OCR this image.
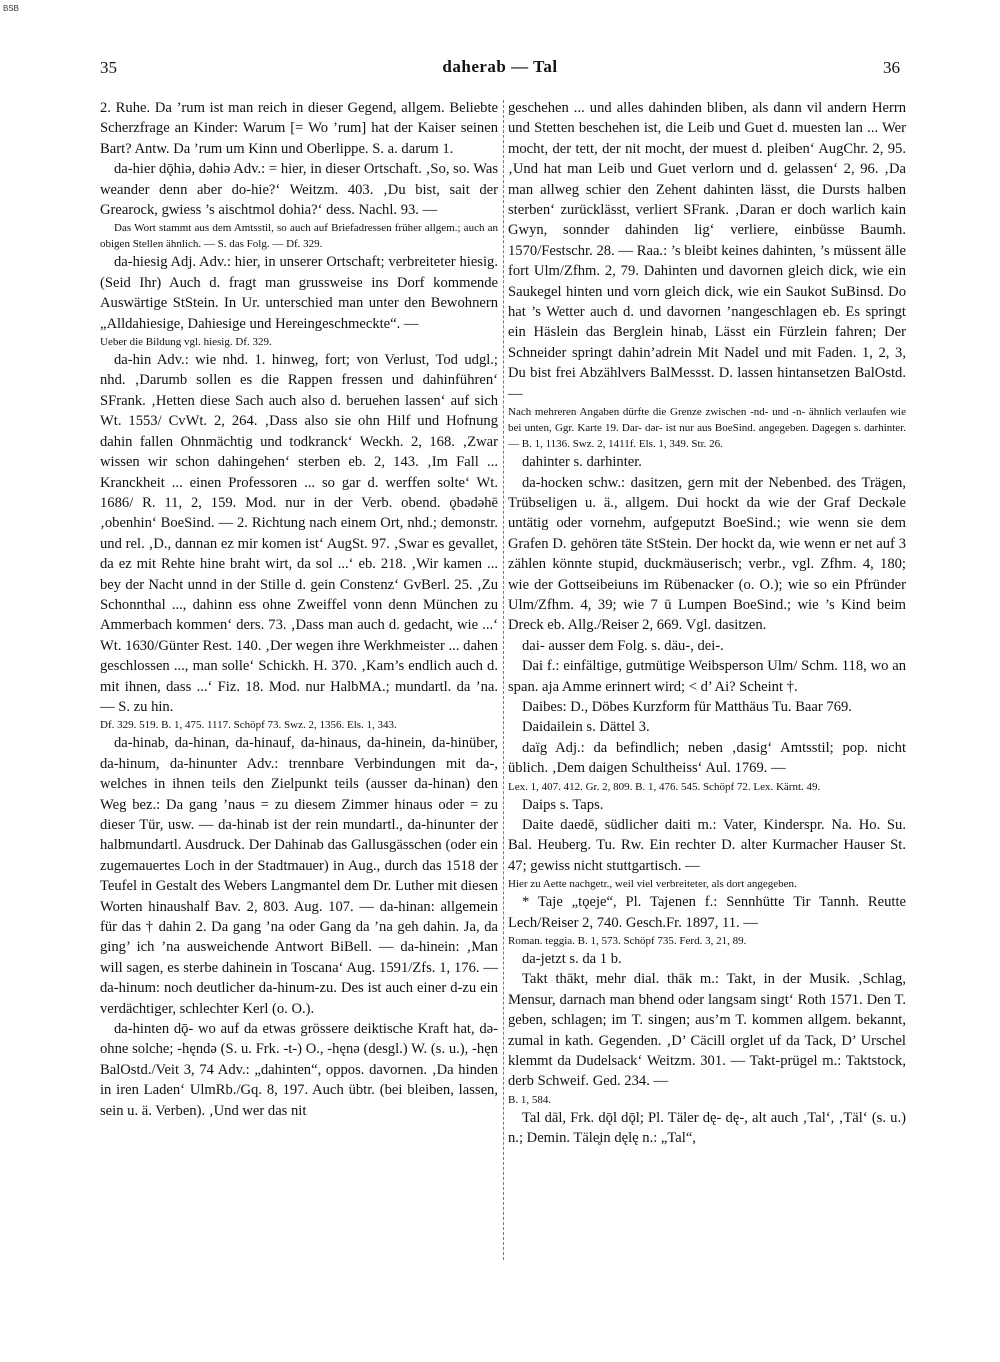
BSB
35	daherab — Tal	36

2. Ruhe. Da ’rum ist man reich in dieser Gegend, allgem. Beliebte Scherzfrage an Kinder: Warum [= Wo ’rum] hat der Kaiser seinen Bart? Antw. Da ’rum um Kinn und Oberlippe. S. a. darum 1.

da-hier dǭhiə, dəhiə Adv.: = hier, in dieser Ortschaft. ‚So, so. Was weander denn aber do-hie?‘ Weitzm. 403. ‚Du bist, sait der Grearock, gwiess ’s aischtmol dohia?‘ dess. Nachl. 93. —

Das Wort stammt aus dem Amtsstil, so auch auf Briefadressen früher allgem.; auch an obigen Stellen ähnlich. — S. das Folg. — Df. 329.

da-hiesig Adj. Adv.: hier, in unserer Ortschaft; verbreiteter hiesig. (Seid Ihr) Auch d. fragt man grussweise ins Dorf kommende Auswärtige StStein. In Ur. unterschied man unter den Bewohnern „Alldahiesige, Dahiesige und Hereingeschmeckte“. —

Ueber die Bildung vgl. hiesig. Df. 329.

da-hin Adv.: wie nhd. 1. hinweg, fort; von Verlust, Tod udgl.; nhd. ‚Darumb sollen es die Rappen fressen und dahinführen‘ SFrank. ‚Hetten diese Sach auch also d. beruehen lassen‘ auf sich Wt. 1553/ CvWt. 2, 264. ‚Dass also sie ohn Hilf und Hofnung dahin fallen Ohnmächtig und todkranck‘ Weckh. 2, 168. ‚Zwar wissen wir schon dahingehen‘ sterben eb. 2, 143. ‚Im Fall ... Kranckheit ... einen Professoren ... so gar d. werffen solte‘ Wt. 1686/ R. 11, 2, 159. Mod. nur in der Verb. obend. ǫbədəhē ‚obenhin‘ BoeSind. — 2. Richtung nach einem Ort, nhd.; demonstr. und rel. ‚D., dannan ez mir komen ist‘ AugSt. 97. ‚Swar es gevallet, da ez mit Rehte hine braht wirt, da sol ...‘ eb. 218. ‚Wir kamen ... bey der Nacht unnd in der Stille d. gein Constenz‘ GvBerl. 25. ‚Zu Schonnthal ..., dahinn ess ohne Zweiffel vonn denn München zu Ammerbach kommen‘ ders. 73. ‚Dass man auch d. gedacht, wie ...‘ Wt. 1630/Günter Rest. 140. ‚Der wegen ihre Werkhmeister ... dahen geschlossen ..., man solle‘ Schickh. H. 370. ‚Kam’s endlich auch d. mit ihnen, dass ...‘ Fiz. 18. Mod. nur HalbMA.; mundartl. da ’na. — S. zu hin.

Df. 329. 519. B. 1, 475. 1117. Schöpf 73. Swz. 2, 1356. Els. 1, 343.

da-hinab, da-hinan, da-hinauf, da-hinaus, da-hinein, da-hinüber, da-hinum, da-hinunter Adv.: trennbare Verbindungen mit da-, welches in ihnen teils den Zielpunkt teils (ausser da-hinan) den Weg bez.: Da gang ’naus = zu diesem Zimmer hinaus oder = zu dieser Tür, usw. — da-hinab ist der rein mundartl., da-hinunter der halbmundartl. Ausdruck. Der Dahinab das Gallusgässchen (oder ein zugemauertes Loch in der Stadtmauer) in Aug., durch das 1518 der Teufel in Gestalt des Webers Langmantel dem Dr. Luther mit diesen Worten hinaushalf Bav. 2, 803. Aug. 107. — da-hinan: allgemein für das † dahin 2. Da gang ’na oder Gang da ’na geh dahin. Ja, da ging’ ich ’na ausweichende Antwort BiBell. — da-hinein: ‚Man will sagen, es sterbe dahinein in Toscana‘ Aug. 1591/Zfs. 1, 176. — da-hinum: noch deutlicher da-hinum-zu. Des ist auch einer d-zu ein verdächtiger, schlechter Kerl (o. O.).

da-hinten dǭ- wo auf da etwas grössere deiktische Kraft hat, də- ohne solche; -hęndə (S. u. Frk. -t-) O., -hęnə (desgl.) W. (s. u.), -hęn BalOstd./Veit 3, 74 Adv.: „dahinten“, oppos. davornen. ‚Da hinden in iren Laden‘ UlmRb./Gq. 8, 197. Auch übtr. (bei bleiben, lassen, sein u. ä. Verben). ‚Und wer das nit

geschehen ... und alles dahinden bliben, als dann vil andern Herrn und Stetten beschehen ist, die Leib und Guet d. muesten lan ... Wer mocht, der tett, der nit mocht, der muest d. pleiben‘ AugChr. 2, 95. ‚Und hat man Leib und Guet verlorn und d. gelassen‘ 2, 96. ‚Da man allweg schier den Zehent dahinten lässt, die Dursts halben sterben‘ zurücklässt, verliert SFrank. ‚Daran er doch warlich kain Gwyn, sonnder dahinden lig‘ verliere, einbüsse Baumh. 1570/Festschr. 28. — Raa.: ’s bleibt keines dahinten, ’s müssent älle fort Ulm/Zfhm. 2, 79. Dahinten und davornen gleich dick, wie ein Saukegel hinten und vorn gleich dick, wie ein Saukot SuBinsd. Do hat ’s Wetter auch d. und davornen ’nangeschlagen eb. Es springt ein Häslein das Berglein hinab, Lässt ein Fürzlein fahren; Der Schneider springt dahin’adrein Mit Nadel und mit Faden. 1, 2, 3, Du bist frei Abzählvers BalMessst. D. lassen hintansetzen BalOstd. —

Nach mehreren Angaben dürfte die Grenze zwischen -nd- und -n- ähnlich verlaufen wie bei unten, Ggr. Karte 19. Dar- dər- ist nur aus BoeSind. angegeben. Dagegen s. darhinter. — B. 1, 1136. Swz. 2, 1411f. Els. 1, 349. Str. 26.

dahinter s. darhinter.

da-hocken schw.: dasitzen, gern mit der Nebenbed. des Trägen, Trübseligen u. ä., allgem. Dui hockt da wie der Graf Deckəle untätig oder vornehm, aufgeputzt BoeSind.; wie wenn sie dem Grafen D. gehören täte StStein. Der hockt da, wie wenn er net auf 3 zählen könnte stupid, duckmäuserisch; verbr., vgl. Zfhm. 4, 180; wie der Gottseibeiuns im Rübenacker (o. O.); wie so ein Pfründer Ulm/Zfhm. 4, 39; wie 7 ū Lumpen BoeSind.; wie ’s Kind beim Dreck eb. Allg./Reiser 2, 669. Vgl. dasitzen.

dai- ausser dem Folg. s. däu-, dei-.

Dai f.: einfältige, gutmütige Weibsperson Ulm/ Schm. 118, wo an span. aja Amme erinnert wird; < d’ Ai? Scheint †.

Daibes: D., Döbes Kurzform für Matthäus Tu. Baar 769.

Daidailein s. Dättel 3.

daïg Adj.: da befindlich; neben ‚dasig‘ Amtsstil; pop. nicht üblich. ‚Dem daigen Schultheiss‘ Aul. 1769. —

Lex. 1, 407. 412. Gr. 2, 809. B. 1, 476. 545. Schöpf 72. Lex. Kärnt. 49.

Daips s. Taps.

Daite daedē, südlicher daiti m.: Vater, Kinderspr. Na. Ho. Su. Bal. Heuberg. Tu. Rw. Ein rechter D. alter Kurmacher Hauser St. 47; gewiss nicht stuttgartisch. —

Hier zu Aette nachgetr., weil viel verbreiteter, als dort angegeben.

* Taje „tǫeje“, Pl. Tajenen f.: Sennhütte Tir Tannh. Reutte Lech/Reiser 2, 740. Gesch.Fr. 1897, 11. —

Roman. teggia. B. 1, 573. Schöpf 735. Ferd. 3, 21, 89.

da-jetzt s. da 1 b.

Takt thākt, mehr dial. thāk m.: Takt, in der Musik. ‚Schlag, Mensur, darnach man bhend oder langsam singt‘ Roth 1571. Den T. geben, schlagen; im T. singen; aus’m T. kommen allgem. bekannt, zumal in kath. Gegenden. ‚D’ Cäcill orglet uf da Tack, D’ Urschel klemmt da Dudelsack‘ Weitzm. 301. — Takt-prügel m.: Taktstock, derb Schweif. Ged. 234. —

B. 1, 584.

Tal dāl, Frk. dǭl dǭl; Pl. Täler dę- dę-, alt auch ‚Tal‘, ‚Täl‘ (s. u.) n.; Demin. Täle̥in dęlę n.: „Tal“,
